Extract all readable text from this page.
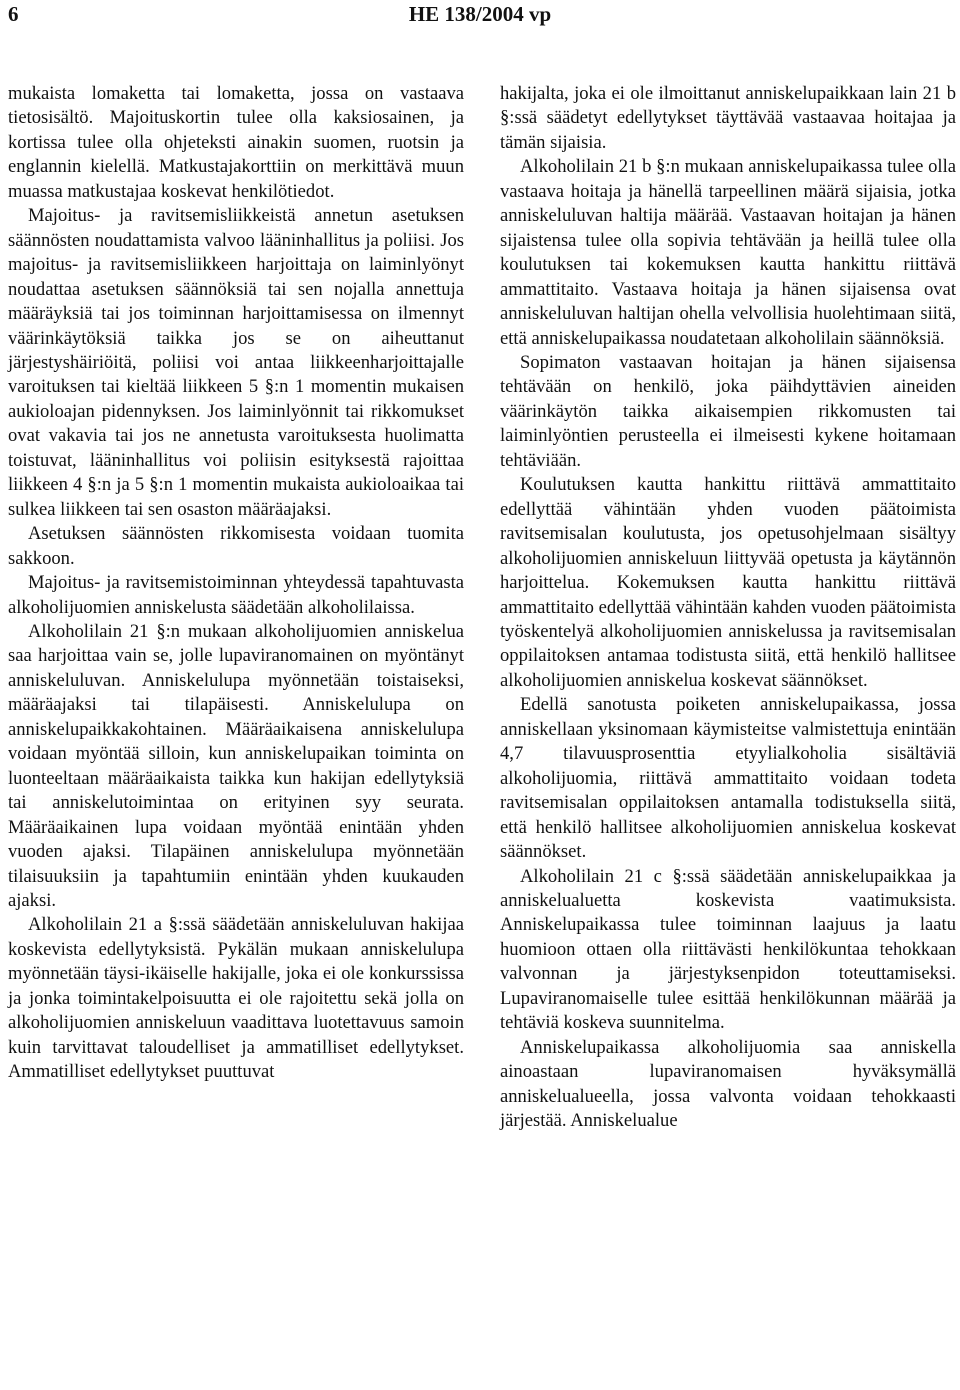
6	HE 138/2004 vp

mukaista lomaketta tai lomaketta, jossa on vastaava tietosisältö. Majoituskortin tulee olla kaksiosainen, ja kortissa tulee olla ohjeteksti ainakin suomen, ruotsin ja englannin kielellä. Matkustajakorttiin on merkittävä muun muassa matkustajaa koskevat henkilötiedot.

Majoitus- ja ravitsemisliikkeistä annetun asetuksen säännösten noudattamista valvoo lääninhallitus ja poliisi. Jos majoitus- ja ravitsemisliikkeen harjoittaja on laiminlyönyt noudattaa asetuksen säännöksiä tai sen nojalla annettuja määräyksiä tai jos toiminnan harjoittamisessa on ilmennyt väärinkäytöksiä taikka jos se on aiheuttanut järjestyshäiriöitä, poliisi voi antaa liikkeenharjoittajalle varoituksen tai kieltää liikkeen 5 §:n 1 momentin mukaisen aukioloajan pidennyksen. Jos laiminlyönnit tai rikkomukset ovat vakavia tai jos ne annetusta varoituksesta huolimatta toistuvat, lääninhallitus voi poliisin esityksestä rajoittaa liikkeen 4 §:n ja 5 §:n 1 momentin mukaista aukioloaikaa tai sulkea liikkeen tai sen osaston määräajaksi.

Asetuksen säännösten rikkomisesta voidaan tuomita sakkoon.

Majoitus- ja ravitsemistoiminnan yhteydessä tapahtuvasta alkoholijuomien anniskelusta säädetään alkoholilaissa.

Alkoholilain 21 §:n mukaan alkoholijuomien anniskelua saa harjoittaa vain se, jolle lupaviranomainen on myöntänyt anniskeluluvan. Anniskelulupa myönnetään toistaiseksi, määräajaksi tai tilapäisesti. Anniskelulupa on anniskelupaikkakohtainen. Määräaikaisena anniskelulupa voidaan myöntää silloin, kun anniskelupaikan toiminta on luonteeltaan määräaikaista taikka kun hakijan edellytyksiä tai anniskelutoimintaa on erityinen syy seurata. Määräaikainen lupa voidaan myöntää enintään yhden vuoden ajaksi. Tilapäinen anniskelulupa myönnetään tilaisuuksiin ja tapahtumiin enintään yhden kuukauden ajaksi.

Alkoholilain 21 a §:ssä säädetään anniskeluluvan hakijaa koskevista edellytyksistä. Pykälän mukaan anniskelulupa myönnetään täysi-ikäiselle hakijalle, joka ei ole konkurssissa ja jonka toimintakelpoisuutta ei ole rajoitettu sekä jolla on alkoholijuomien anniskeluun vaadittava luotettavuus samoin kuin tarvittavat taloudelliset ja ammatilliset edellytykset. Ammatilliset edellytykset puuttuvat

hakijalta, joka ei ole ilmoittanut anniskelupaikkaan lain 21 b §:ssä säädetyt edellytykset täyttävää vastaavaa hoitajaa ja tämän sijaisia.

Alkoholilain 21 b §:n mukaan anniskelupaikassa tulee olla vastaava hoitaja ja hänellä tarpeellinen määrä sijaisia, jotka anniskeluluvan haltija määrää. Vastaavan hoitajan ja hänen sijaistensa tulee olla sopivia tehtävään ja heillä tulee olla koulutuksen tai kokemuksen kautta hankittu riittävä ammattitaito. Vastaava hoitaja ja hänen sijaisensa ovat anniskeluluvan haltijan ohella velvollisia huolehtimaan siitä, että anniskelupaikassa noudatetaan alkoholilain säännöksiä.

Sopimaton vastaavan hoitajan ja hänen sijaisensa tehtävään on henkilö, joka päihdyttävien aineiden väärinkäytön taikka aikaisempien rikkomusten tai laiminlyöntien perusteella ei ilmeisesti kykene hoitamaan tehtäviään.

Koulutuksen kautta hankittu riittävä ammattitaito edellyttää vähintään yhden vuoden päätoimista ravitsemisalan koulutusta, jos opetusohjelmaan sisältyy alkoholijuomien anniskeluun liittyvää opetusta ja käytännön harjoittelua. Kokemuksen kautta hankittu riittävä ammattitaito edellyttää vähintään kahden vuoden päätoimista työskentelyä alkoholijuomien anniskelussa ja ravitsemisalan oppilaitoksen antamaa todistusta siitä, että henkilö hallitsee alkoholijuomien anniskelua koskevat säännökset.

Edellä sanotusta poiketen anniskelupaikassa, jossa anniskellaan yksinomaan käymisteitse valmistettuja enintään 4,7 tilavuusprosenttia etyylialkoholia sisältäviä alkoholijuomia, riittävä ammattitaito voidaan todeta ravitsemisalan oppilaitoksen antamalla todistuksella siitä, että henkilö hallitsee alkoholijuomien anniskelua koskevat säännökset.

Alkoholilain 21 c §:ssä säädetään anniskelupaikkaa ja anniskelualuetta koskevista vaatimuksista. Anniskelupaikassa tulee toiminnan laajuus ja laatu huomioon ottaen olla riittävästi henkilökuntaa tehokkaan valvonnan ja järjestyksenpidon toteuttamiseksi. Lupaviranomaiselle tulee esittää henkilökunnan määrää ja tehtäviä koskeva suunnitelma.

Anniskelupaikassa alkoholijuomia saa anniskella ainoastaan lupaviranomaisen hyväksymällä anniskelualueella, jossa valvonta voidaan tehokkaasti järjestää. Anniskelualue
